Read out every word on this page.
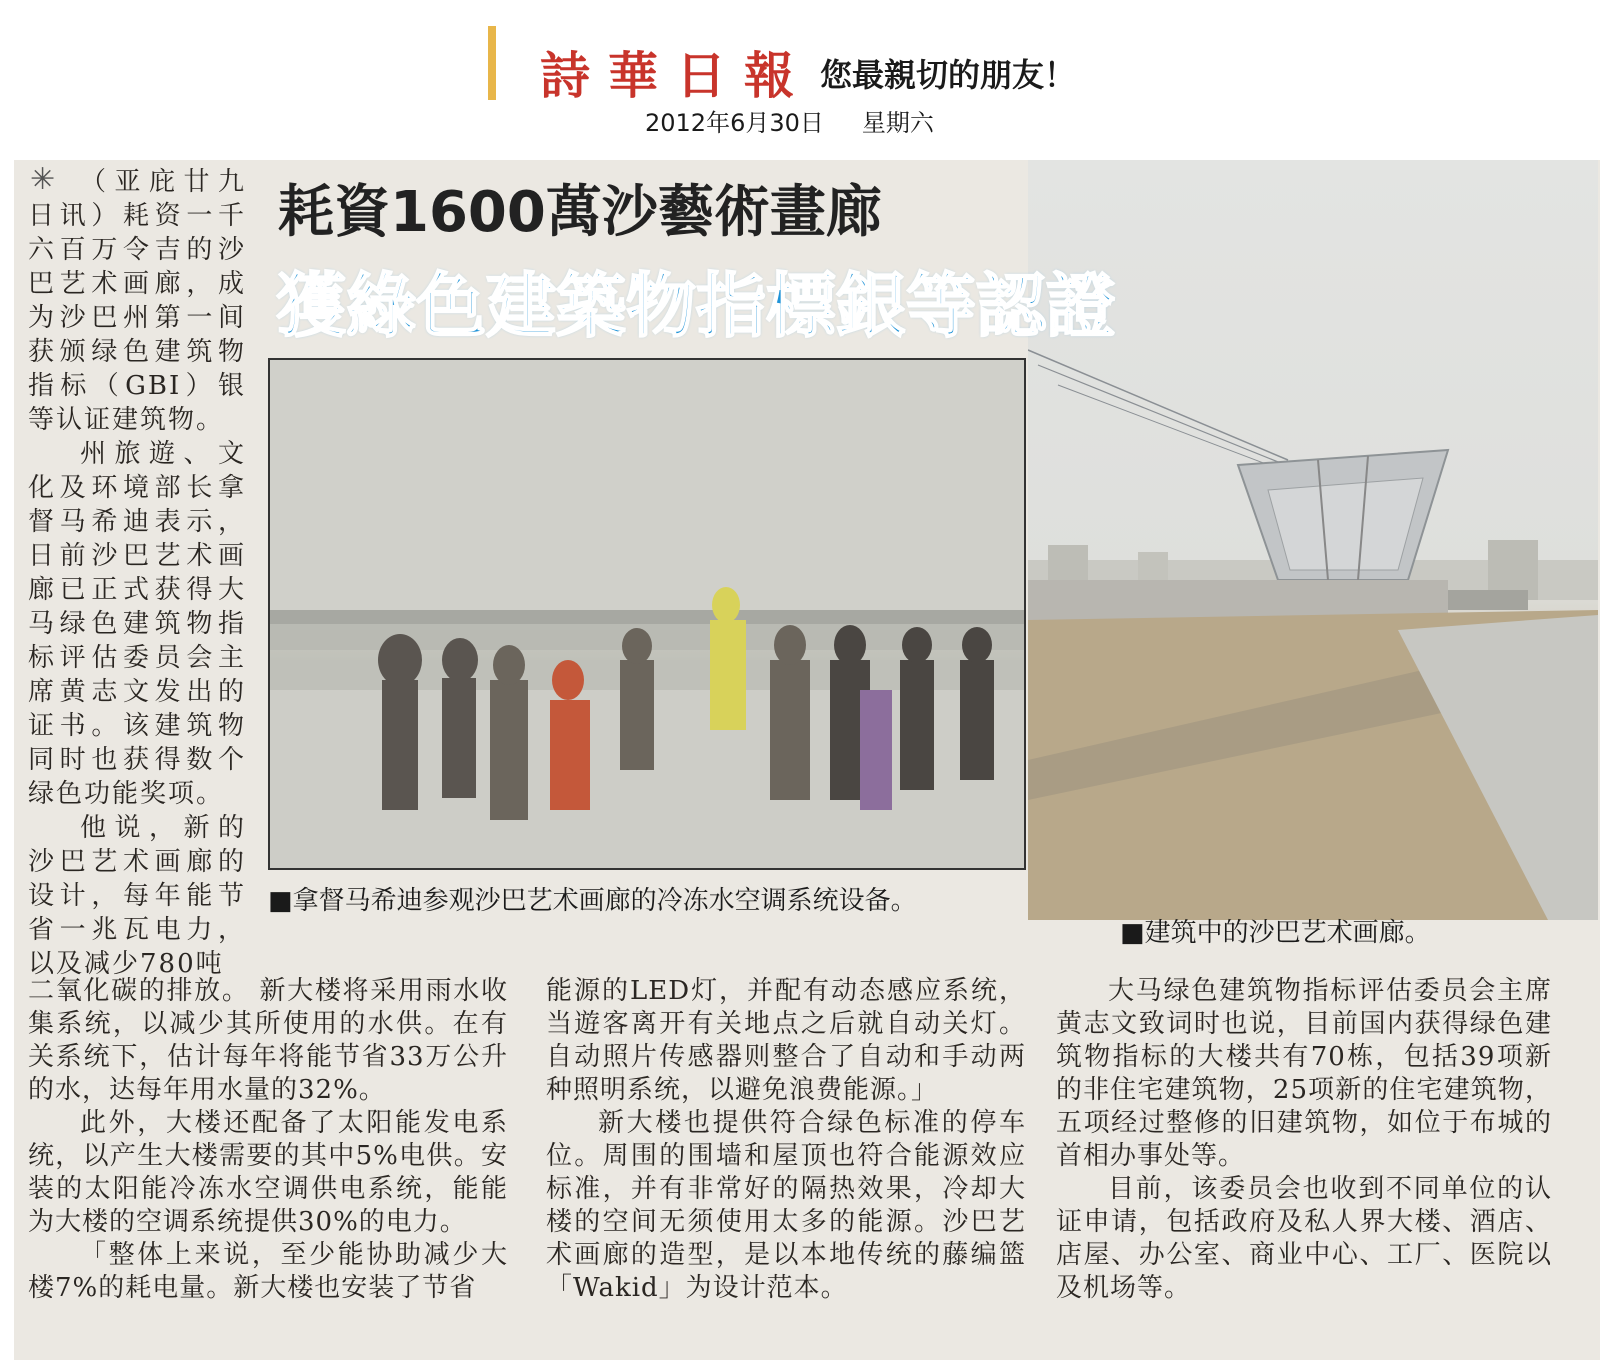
詩華日報 您最親切的朋友！
2012年6月30日 星期六
耗資1600萬沙藝術畫廊
獲綠色建築物指標銀等認證
■拿督马希迪参观沙巴艺术画廊的冷冻水空调系统设备。
■建筑中的沙巴艺术画廊。
✳ （亚庇廿九日讯）耗资一千六百万令吉的沙巴艺术画廊，成为沙巴州第一间获颁绿色建筑物指标（GBI）银等认证建筑物。

州旅遊、文化及环境部长拿督马希迪表示，日前沙巴艺术画廊已正式获得大马绿色建筑物指标评估委员会主席黄志文发出的证书。该建筑物同时也获得数个绿色功能奖项。

他说，新的沙巴艺术画廊的设计，每年能节省一兆瓦电力，以及减少780吨

二氧化碳的排放。 新大楼将采用雨水收集系统，以减少其所使用的水供。在有关系统下，估计每年将能节省33万公升的水，达每年用水量的32%。

此外，大楼还配备了太阳能发电系统，以产生大楼需要的其中5%电供。安装的太阳能冷冻水空调供电系统，能能为大楼的空调系统提供30%的电力。

「整体上来说，至少能协助减少大楼7%的耗电量。新大楼也安装了节省

能源的LED灯，并配有动态感应系统，当遊客离开有关地点之后就自动关灯。自动照片传感器则整合了自动和手动两种照明系统，以避免浪费能源。」

新大楼也提供符合绿色标准的停车位。周围的围墙和屋顶也符合能源效应标准，并有非常好的隔热效果，冷却大楼的空间无须使用太多的能源。沙巴艺术画廊的造型，是以本地传统的藤编篮「Wakid」为设计范本。

大马绿色建筑物指标评估委员会主席黄志文致词时也说，目前国内获得绿色建筑物指标的大楼共有70栋，包括39项新的非住宅建筑物，25项新的住宅建筑物，五项经过整修的旧建筑物，如位于布城的首相办事处等。

目前，该委员会也收到不同单位的认证申请，包括政府及私人界大楼、酒店、店屋、办公室、商业中心、工厂、医院以及机场等。
